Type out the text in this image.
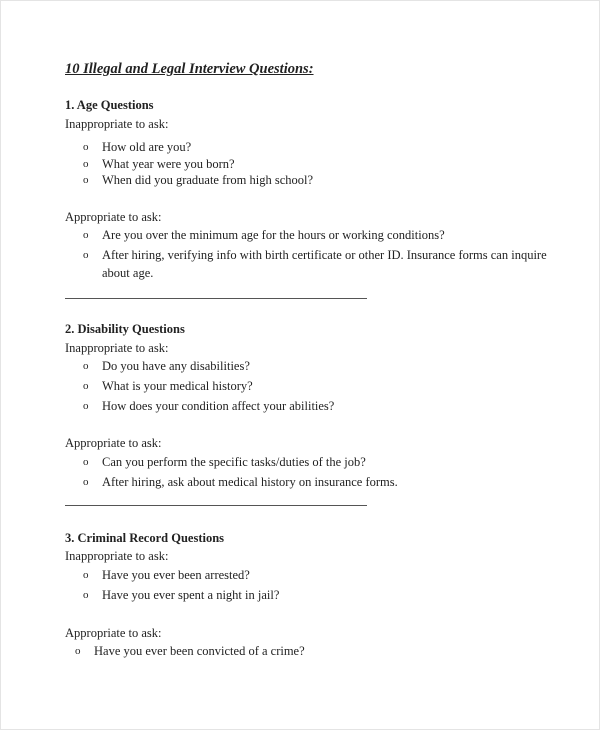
10 Illegal and Legal Interview Questions:
1. Age Questions
Inappropriate to ask:
o How old are you?
o What year were you born?
o When did you graduate from high school?
Appropriate to ask:
o Are you over the minimum age for the hours or working conditions?
o After hiring, verifying info with birth certificate or other ID. Insurance forms can inquire
about age.
2. Disability Questions
Inappropriate to ask:
o Do you have any disabilities?
o What is your medical history?
o How does your condition affect your abilities?
Appropriate to ask:
o Can you perform the specific tasks/duties of the job?
o After hiring, ask about medical history on insurance forms.
3. Criminal Record Questions
Inappropriate to ask:
o Have you ever been arrested?
o Have you ever spent a night in jail?
Appropriate to ask:
o Have you ever been convicted of a crime?
